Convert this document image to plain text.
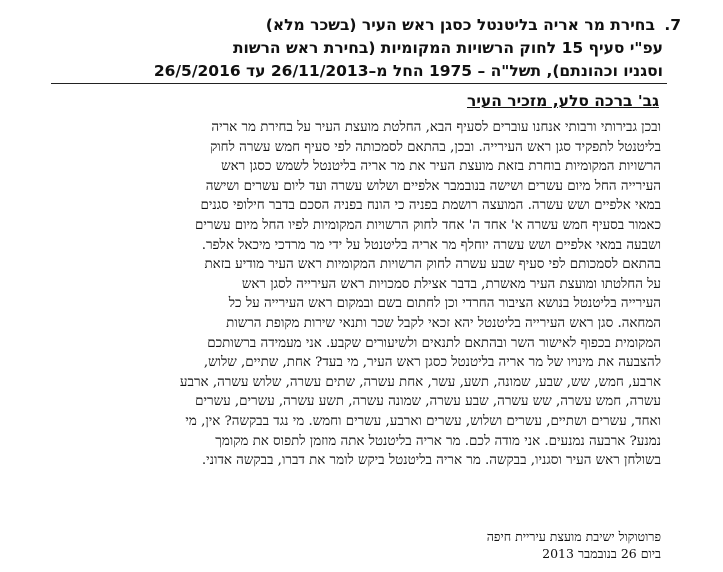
7. בחירת מר אריה בליטנטל כסגן ראש העיר (בשכר מלא)
עפ"י סעיף 15 לחוק הרשויות המקומיות (בחירת ראש הרשות
וסגניו וכהונתם), תשל"ה – 1975 החל מ–26/11/2013 עד 26/5/2016
גב' ברכה סלע, מזכיר העיר
ובכן גבירותי ורבותי אנחנו עוברים לסעיף הבא, החלטת מועצת העיר על בחירת מר אריה
בליטנטל לתפקיד סגן ראש העירייה. ובכן, בהתאם לסמכותה לפי סעיף חמש עשרה לחוק
הרשויות המקומיות בוחרת בזאת מועצת העיר את מר אריה בליטנטל לשמש כסגן ראש
העירייה החל מיום עשרים ושישה בנובמבר אלפיים ושלוש עשרה ועד ליום עשרים ושישה
במאי אלפיים ושש עשרה. המועצה רושמת בפניה כי הונח בפניה הסכם בדבר חילופי סגנים
כאמור בסעיף חמש עשרה א' אחד ה' אחד לחוק הרשויות המקומיות לפיו החל מיום עשרים
ושבעה במאי אלפיים ושש עשרה יוחלף מר אריה בליטנטל על ידי מר מרדכי מיכאל אלפר.
בהתאם לסמכותם לפי סעיף שבע עשרה לחוק הרשויות המקומיות ראש העיר מודיע בזאת
על החלטתו ומועצת העיר מאשרת, בדבר אצילת סמכויות ראש העירייה לסגן ראש
העירייה בליטנטל בנושא הציבור החרדי וכן לחתום בשם ובמקום ראש העירייה על כל
המחאה. סגן ראש העירייה בליטנטל יהא זכאי לקבל שכר ותנאי שירות מקופת הרשות
המקומית בכפוף לאישור השר ובהתאם לתנאים ולשיעורים שקבע. אני מעמידה ברשותכם
להצבעה את מינויו של מר אריה בליטנטל כסגן ראש העיר, מי בעד? אחת, שתיים, שלוש,
ארבע, חמש, שש, שבע, שמונה, תשע, עשר, אחת עשרה, שתים עשרה, שלוש עשרה, ארבע
עשרה, חמש עשרה, שש עשרה, שבע עשרה, שמונה עשרה, תשע עשרה, עשרים, עשרים
ואחד, עשרים ושתיים, עשרים ושלוש, עשרים וארבע, עשרים וחמש. מי נגד בבקשה? אין, מי
נמנע? ארבעה נמנעים. אני מודה לכם. מר אריה בליטנטל אתה מוזמן לתפוס את מקומך
בשולחן ראש העיר וסגניו, בבקשה. מר אריה בליטנטל ביקש לומר את דברו, בבקשה אדוני.
פרוטוקול ישיבת מועצת עיריית חיפה
ביום 26 בנובמבר 2013
